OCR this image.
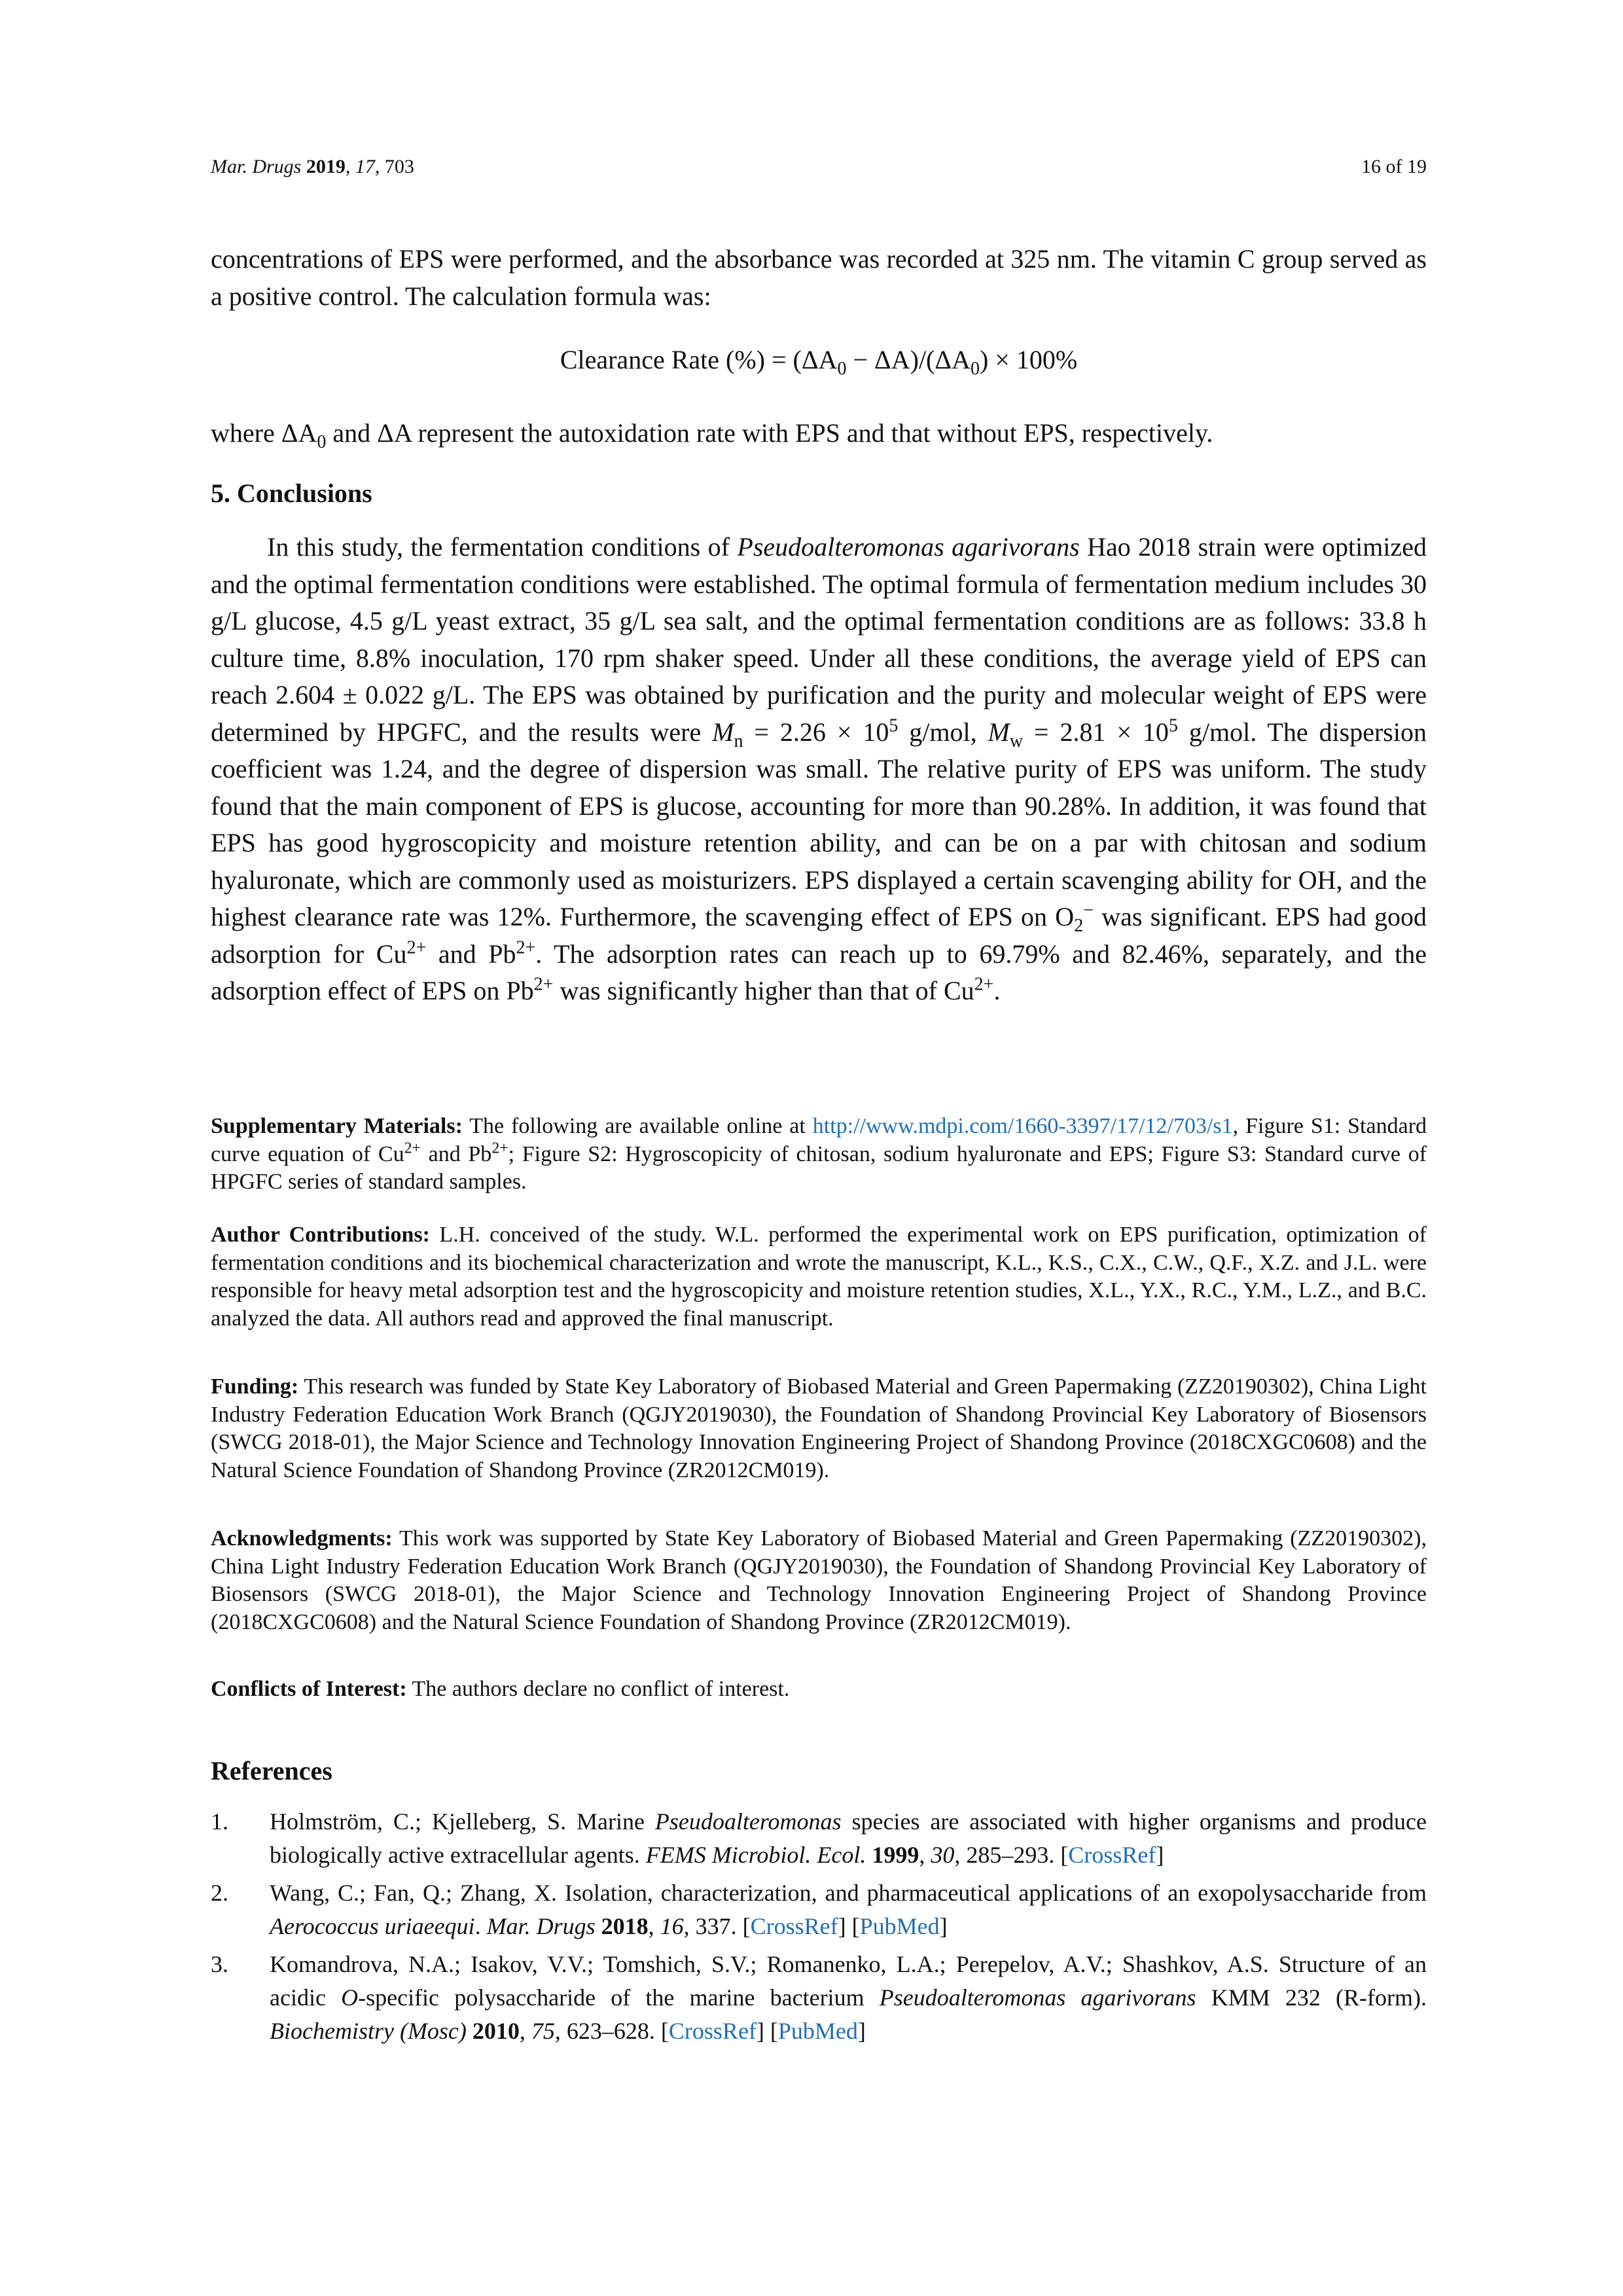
Mar. Drugs 2019, 17, 703	16 of 19

concentrations of EPS were performed, and the absorbance was recorded at 325 nm. The vitamin C group served as a positive control. The calculation formula was:

Clearance Rate (%) = $(\Delta A_0 - \Delta A)/(\Delta A_0) \times 100\%$

where $\Delta A_0$ and ΔA represent the autoxidation rate with EPS and that without EPS, respectively.

5. Conclusions

In this study, the fermentation conditions of Pseudoalteromonas agarivorans Hao 2018 strain were optimized and the optimal fermentation conditions were established. The optimal formula of fermentation medium includes 30 g/L glucose, 4.5 g/L yeast extract, 35 g/L sea salt, and the optimal fermentation conditions are as follows: 33.8 h culture time, 8.8% inoculation, 170 rpm shaker speed. Under all these conditions, the average yield of EPS can reach 2.604 ± 0.022 g/L. The EPS was obtained by purification and the purity and molecular weight of EPS were determined by HPGFC, and the results were $M_n = 2.26 \times 10^5$ g/mol, $M_w = 2.81 \times 10^5$ g/mol. The dispersion coefficient was 1.24, and the degree of dispersion was small. The relative purity of EPS was uniform. The study found that the main component of EPS is glucose, accounting for more than 90.28%. In addition, it was found that EPS has good hygroscopicity and moisture retention ability, and can be on a par with chitosan and sodium hyaluronate, which are commonly used as moisturizers. EPS displayed a certain scavenging ability for OH, and the highest clearance rate was 12%. Furthermore, the scavenging effect of EPS on $O_2^-$ was significant. EPS had good adsorption for $Cu^{2+}$ and $Pb^{2+}$. The adsorption rates can reach up to 69.79% and 82.46%, separately, and the adsorption effect of EPS on $Pb^{2+}$ was significantly higher than that of $Cu^{2+}$.

Supplementary Materials: The following are available online at http://www.mdpi.com/1660-3397/17/12/703/s1, Figure S1: Standard curve equation of $Cu^{2+}$ and $Pb^{2+}$; Figure S2: Hygroscopicity of chitosan, sodium hyaluronate and EPS; Figure S3: Standard curve of HPGFC series of standard samples.

Author Contributions: L.H. conceived of the study. W.L. performed the experimental work on EPS purification, optimization of fermentation conditions and its biochemical characterization and wrote the manuscript, K.L., K.S., C.X., C.W., Q.F., X.Z. and J.L. were responsible for heavy metal adsorption test and the hygroscopicity and moisture retention studies, X.L., Y.X., R.C., Y.M., L.Z., and B.C. analyzed the data. All authors read and approved the final manuscript.

Funding: This research was funded by State Key Laboratory of Biobased Material and Green Papermaking (ZZ20190302), China Light Industry Federation Education Work Branch (QGJY2019030), the Foundation of Shandong Provincial Key Laboratory of Biosensors (SWCG 2018-01), the Major Science and Technology Innovation Engineering Project of Shandong Province (2018CXGC0608) and the Natural Science Foundation of Shandong Province (ZR2012CM019).

Acknowledgments: This work was supported by State Key Laboratory of Biobased Material and Green Papermaking (ZZ20190302), China Light Industry Federation Education Work Branch (QGJY2019030), the Foundation of Shandong Provincial Key Laboratory of Biosensors (SWCG 2018-01), the Major Science and Technology Innovation Engineering Project of Shandong Province (2018CXGC0608) and the Natural Science Foundation of Shandong Province (ZR2012CM019).

Conflicts of Interest: The authors declare no conflict of interest.

References
1. Holmström, C.; Kjelleberg, S. Marine Pseudoalteromonas species are associated with higher organisms and produce biologically active extracellular agents. FEMS Microbiol. Ecol. 1999, 30, 285–293. [CrossRef]
2. Wang, C.; Fan, Q.; Zhang, X. Isolation, characterization, and pharmaceutical applications of an exopolysaccharide from Aerococcus uriaeequi. Mar. Drugs 2018, 16, 337. [CrossRef] [PubMed]
3. Komandrova, N.A.; Isakov, V.V.; Tomshich, S.V.; Romanenko, L.A.; Perepelov, A.V.; Shashkov, A.S. Structure of an acidic O-specific polysaccharide of the marine bacterium Pseudoalteromonas agarivorans KMM 232 (R-form). Biochemistry (Mosc) 2010, 75, 623–628. [CrossRef] [PubMed]
